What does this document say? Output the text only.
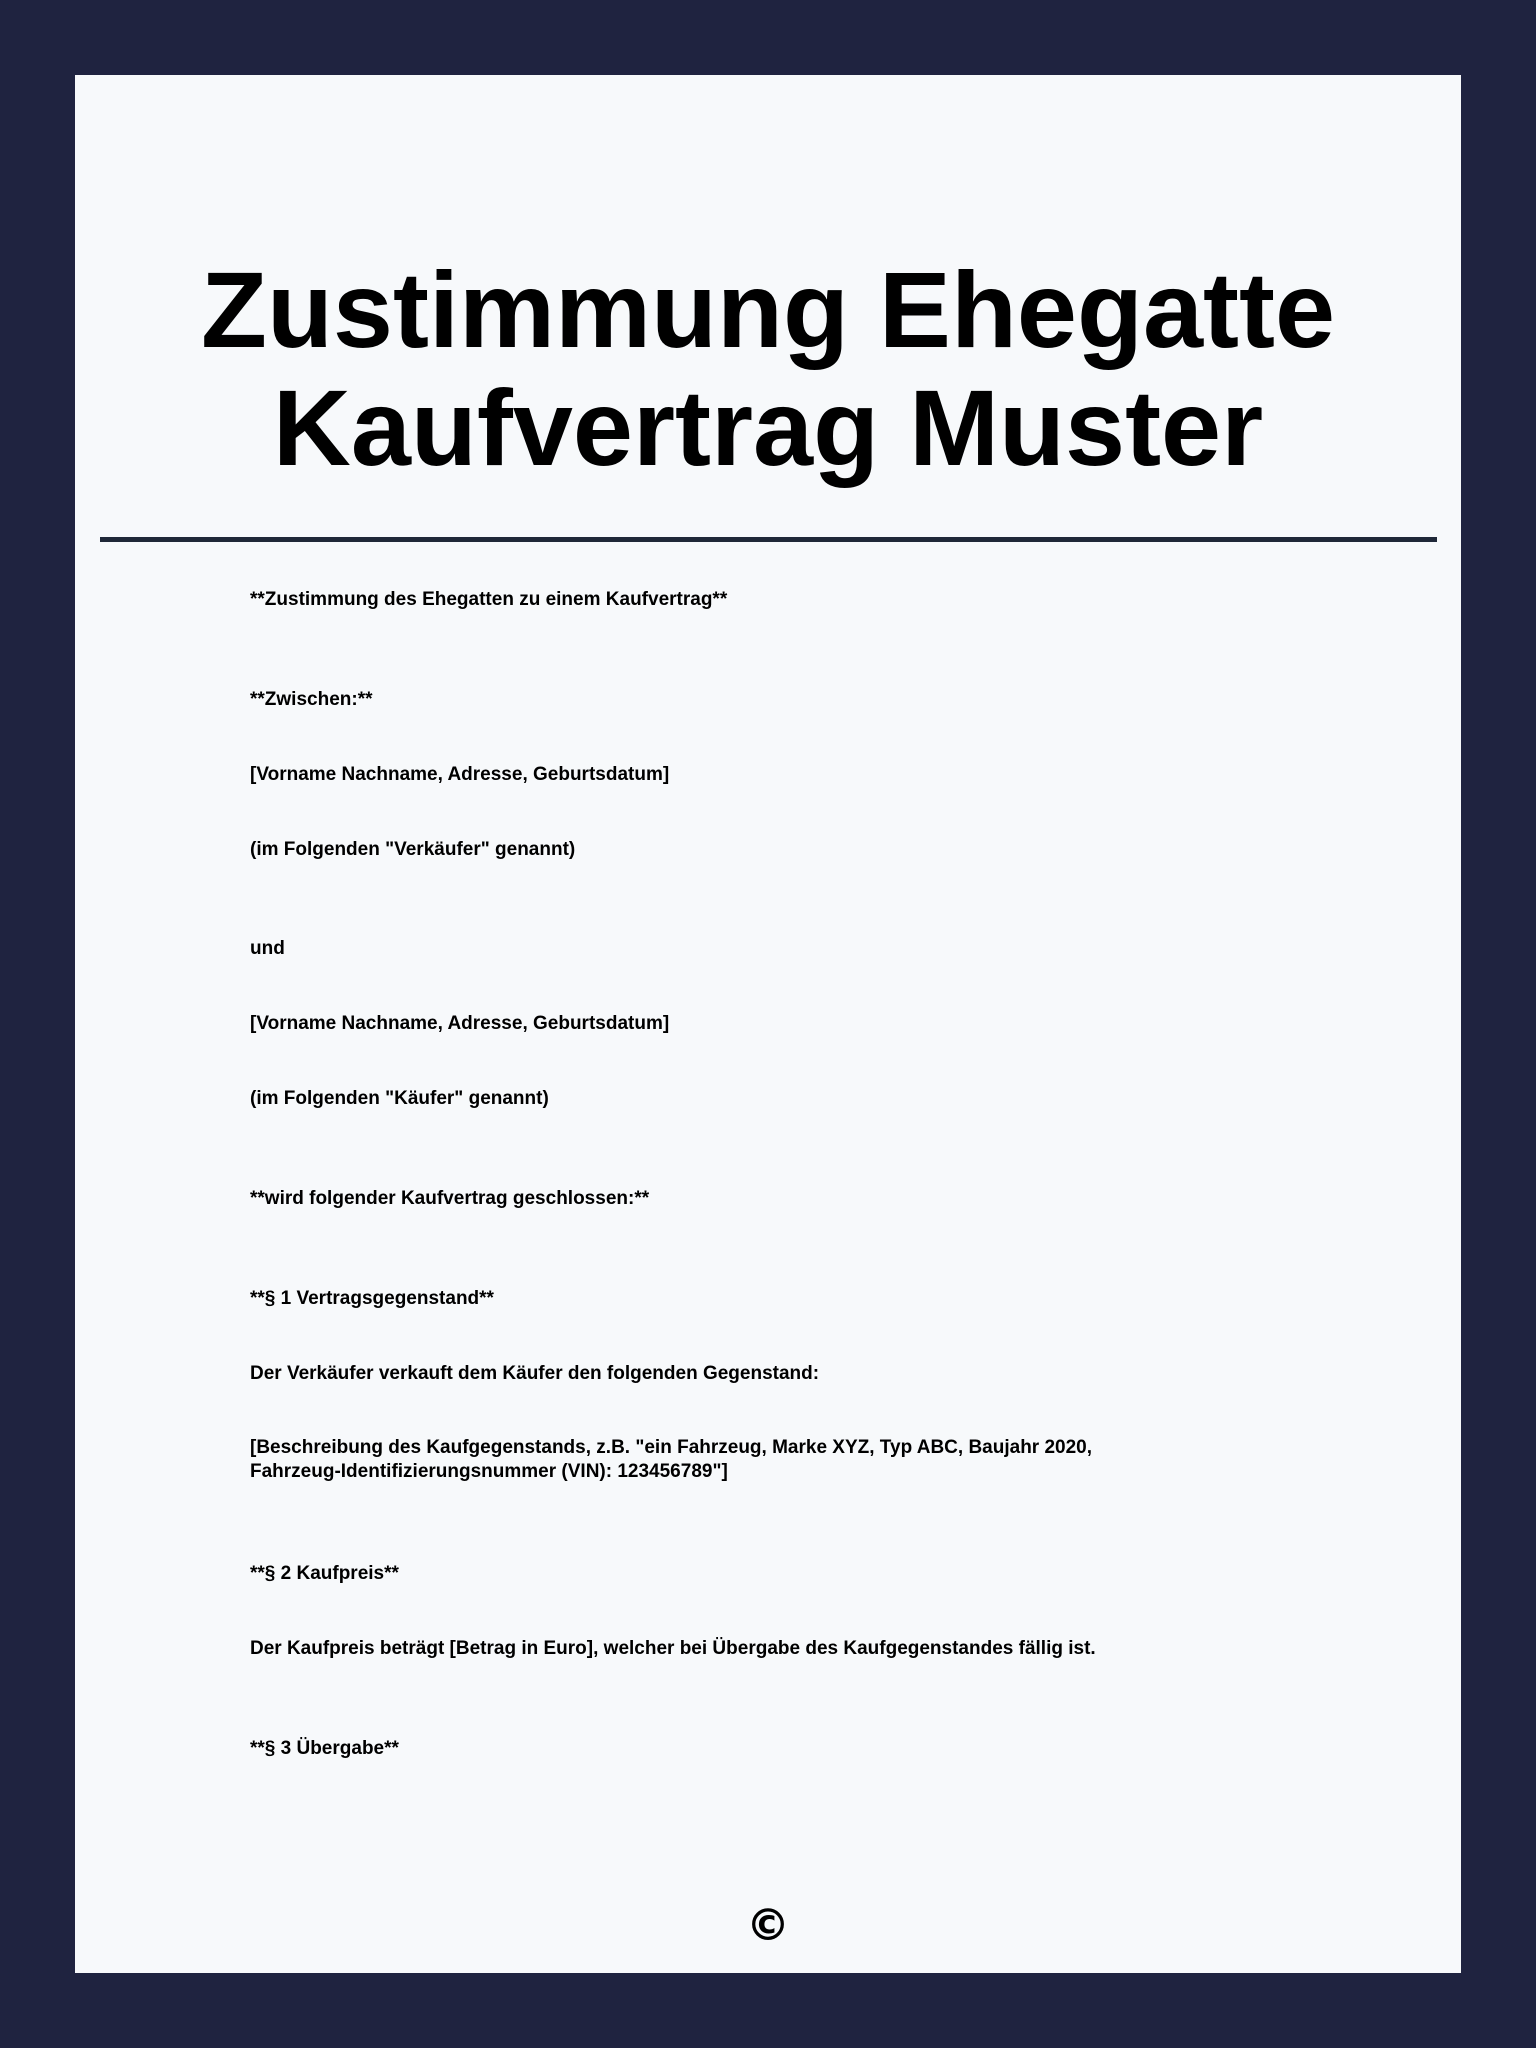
Zustimmung Ehegatte
Kaufvertrag Muster

**Zustimmung des Ehegatten zu einem Kaufvertrag**

**Zwischen:**

[Vorname Nachname, Adresse, Geburtsdatum]

(im Folgenden "Verkäufer" genannt)

und

[Vorname Nachname, Adresse, Geburtsdatum]

(im Folgenden "Käufer" genannt)

**wird folgender Kaufvertrag geschlossen:**

**§ 1 Vertragsgegenstand**

Der Verkäufer verkauft dem Käufer den folgenden Gegenstand:

[Beschreibung des Kaufgegenstands, z.B. "ein Fahrzeug, Marke XYZ, Typ ABC, Baujahr 2020,
Fahrzeug-Identifizierungsnummer (VIN): 123456789"]

**§ 2 Kaufpreis**

Der Kaufpreis beträgt [Betrag in Euro], welcher bei Übergabe des Kaufgegenstandes fällig ist.

**§ 3 Übergabe**

©
